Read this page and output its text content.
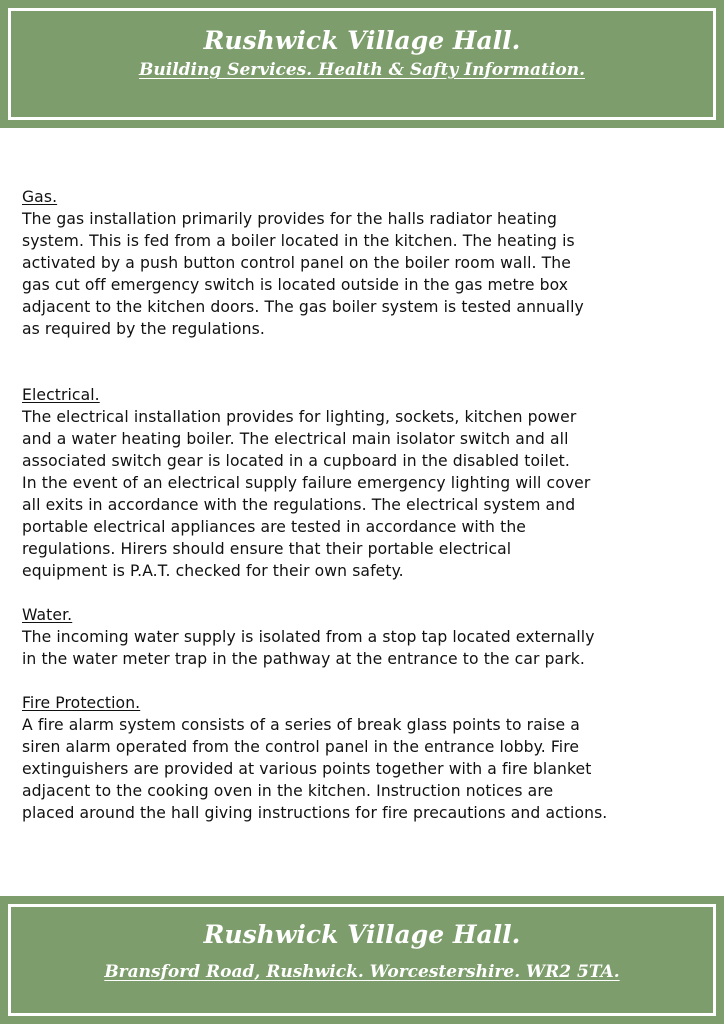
Rushwick Village Hall.
Building Services. Health & Safty Information.
Gas.
The gas installation primarily provides for the halls radiator heating
system. This is fed from a boiler located in the kitchen. The heating is
activated by a push button control panel on the boiler room wall. The
gas cut off emergency switch is located outside in the gas metre box
adjacent to the kitchen doors. The gas boiler system is tested annually
as required by the regulations.
Electrical.
The electrical installation provides for lighting, sockets, kitchen power
and a water heating boiler. The electrical main isolator switch and all
associated switch gear is located in a cupboard in the disabled toilet.
In the event of an electrical supply failure emergency lighting will cover
all exits in accordance with the regulations. The electrical system and
portable electrical appliances are tested in accordance with the
regulations. Hirers should ensure that their portable electrical
equipment is P.A.T. checked for their own safety.
Water.
The incoming water supply is isolated from a stop tap located externally
in the water meter trap in the pathway at the entrance to the car park.
Fire Protection.
A fire alarm system consists of a series of break glass points to raise a
siren alarm operated from the control panel in the entrance lobby. Fire
extinguishers are provided at various points together with a fire blanket
adjacent to the cooking oven in the kitchen. Instruction notices are
placed around the hall giving instructions for fire precautions and actions.
Rushwick Village Hall.
Bransford Road, Rushwick. Worcestershire. WR2 5TA.
